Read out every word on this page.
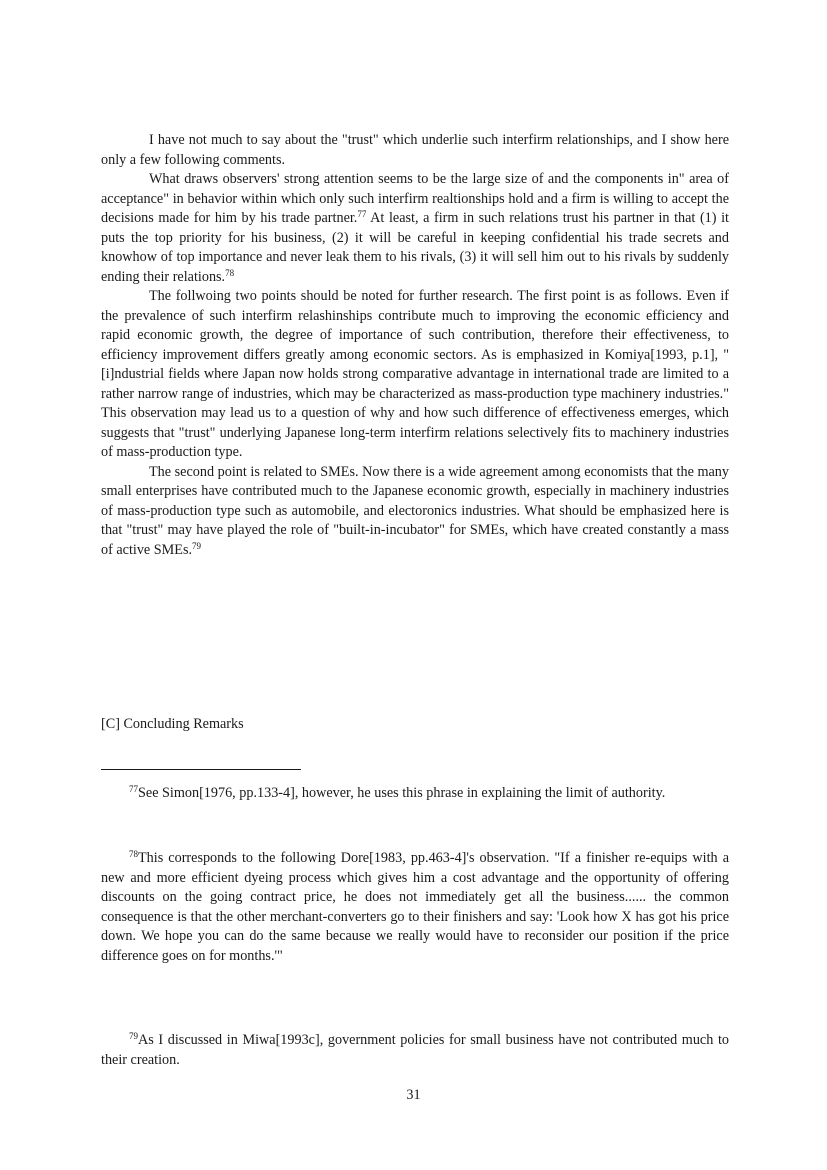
I have not much to say about the "trust" which underlie such interfirm relationships, and I show here only a few following comments.

What draws observers' strong attention seems to be the large size of and the components in" area of acceptance" in behavior within which only such interfirm realtionships hold and a firm is willing to accept the decisions made for him by his trade partner.$^{77}$ At least, a firm in such relations trust his partner in that (1) it puts the top priority for his business, (2) it will be careful in keeping confidential his trade secrets and knowhow of top importance and never leak them to his rivals, (3) it will sell him out to his rivals by suddenly ending their relations.$^{78}$

The follwoing two points should be noted for further research. The first point is as follows. Even if the prevalence of such interfirm relashinships contribute much to improving the economic efficiency and rapid economic growth, the degree of importance of such contribution, therefore their effectiveness, to efficiency improvement differs greatly among economic sectors. As is emphasized in Komiya[1993, p.1], "[i]ndustrial fields where Japan now holds strong comparative advantage in international trade are limited to a rather narrow range of industries, which may be characterized as mass-production type machinery industries." This observation may lead us to a question of why and how such difference of effectiveness emerges, which suggests that "trust" underlying Japanese long-term interfirm relations selectively fits to machinery industries of mass-production type.

The second point is related to SMEs. Now there is a wide agreement among economists that the many small enterprises have contributed much to the Japanese economic growth, especially in machinery industries of mass-production type such as automobile, and electoronics industries. What should be emphasized here is that "trust" may have played the role of "built-in-incubator" for SMEs, which have created constantly a mass of active SMEs.$^{79}$

[C] Concluding Remarks

$^{77}$See Simon[1976, pp.133-4], however, he uses this phrase in explaining the limit of authority.

$^{78}$This corresponds to the following Dore[1983, pp.463-4]'s observation. "If a finisher re-equips with a new and more efficient dyeing process which gives him a cost advantage and the opportunity of offering discounts on the going contract price, he does not immediately get all the business...... the common consequence is that the other merchant-converters go to their finishers and say: 'Look how X has got his price down. We hope you can do the same because we really would have to reconsider our position if the price difference goes on for months.'"

$^{79}$As I discussed in Miwa[1993c], government policies for small business have not contributed much to their creation.

31
